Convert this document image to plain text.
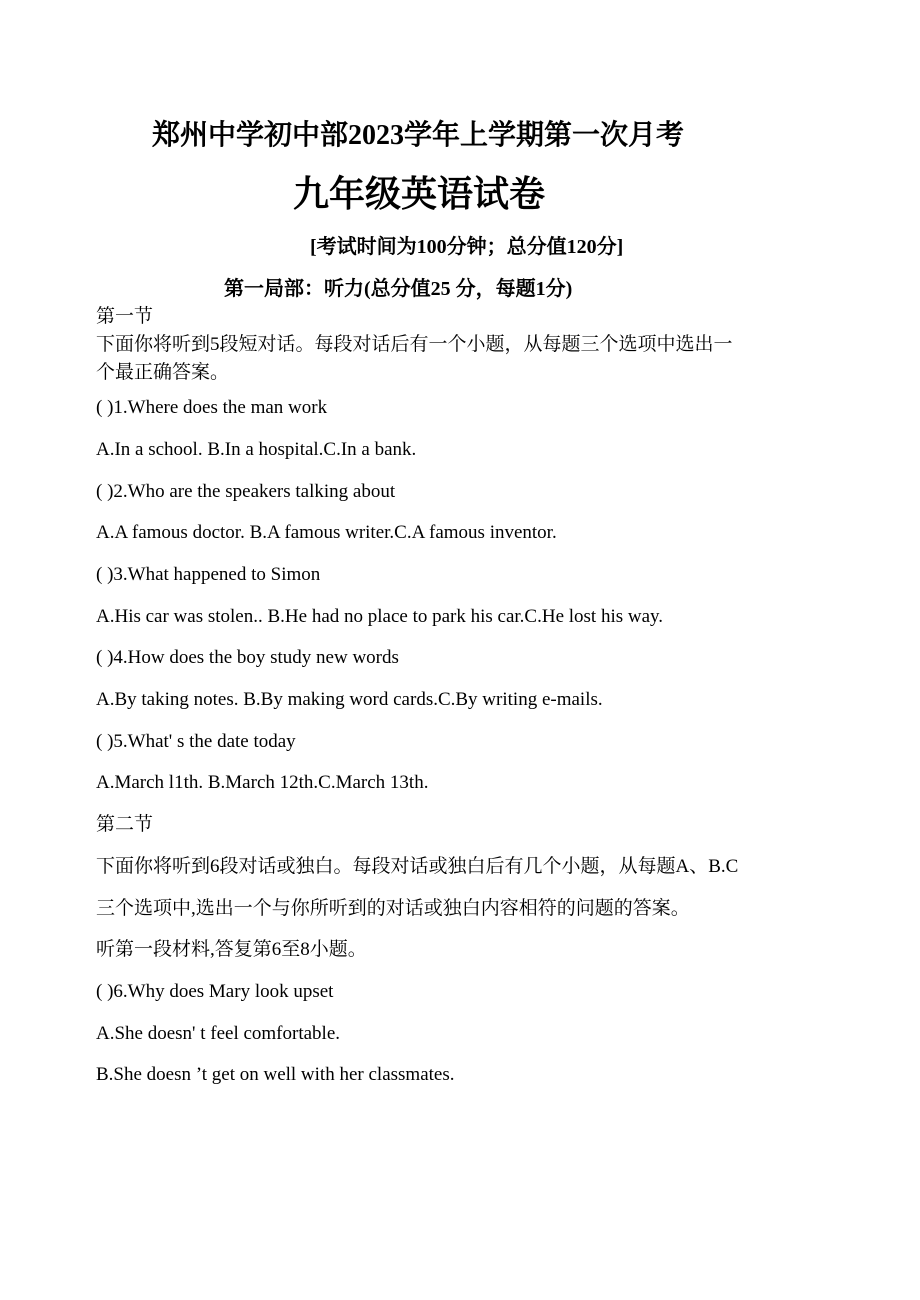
郑州中学初中部2023学年上学期第一次月考
九年级英语试卷
[考试时间为100分钟；总分值120分]
第一局部：听力(总分值25 分，每题1分)
第一节
下面你将听到5段短对话。每段对话后有一个小题，从每题三个选项中选出一
个最正确答案。
( )1.Where does the man work
A.In a school. B.In a hospital.C.In a bank.
( )2.Who are the speakers talking about
A.A famous doctor. B.A famous writer.C.A famous inventor.
( )3.What happened to Simon
A.His car was stolen.. B.He had no place to park his car.C.He lost his way.
( )4.How does the boy study new words
A.By taking notes. B.By making word cards.C.By writing e-mails.
( )5.What' s the date today
A.March l1th. B.March 12th.C.March 13th.
第二节
下面你将听到6段对话或独白。每段对话或独白后有几个小题，从每题A、B.C
三个选项中,选出一个与你所听到的对话或独白内容相符的问题的答案。
听第一段材料,答复第6至8小题。
( )6.Why does Mary look upset
A.She doesn' t feel comfortable.
B.She doesn ’t get on well with her classmates.
